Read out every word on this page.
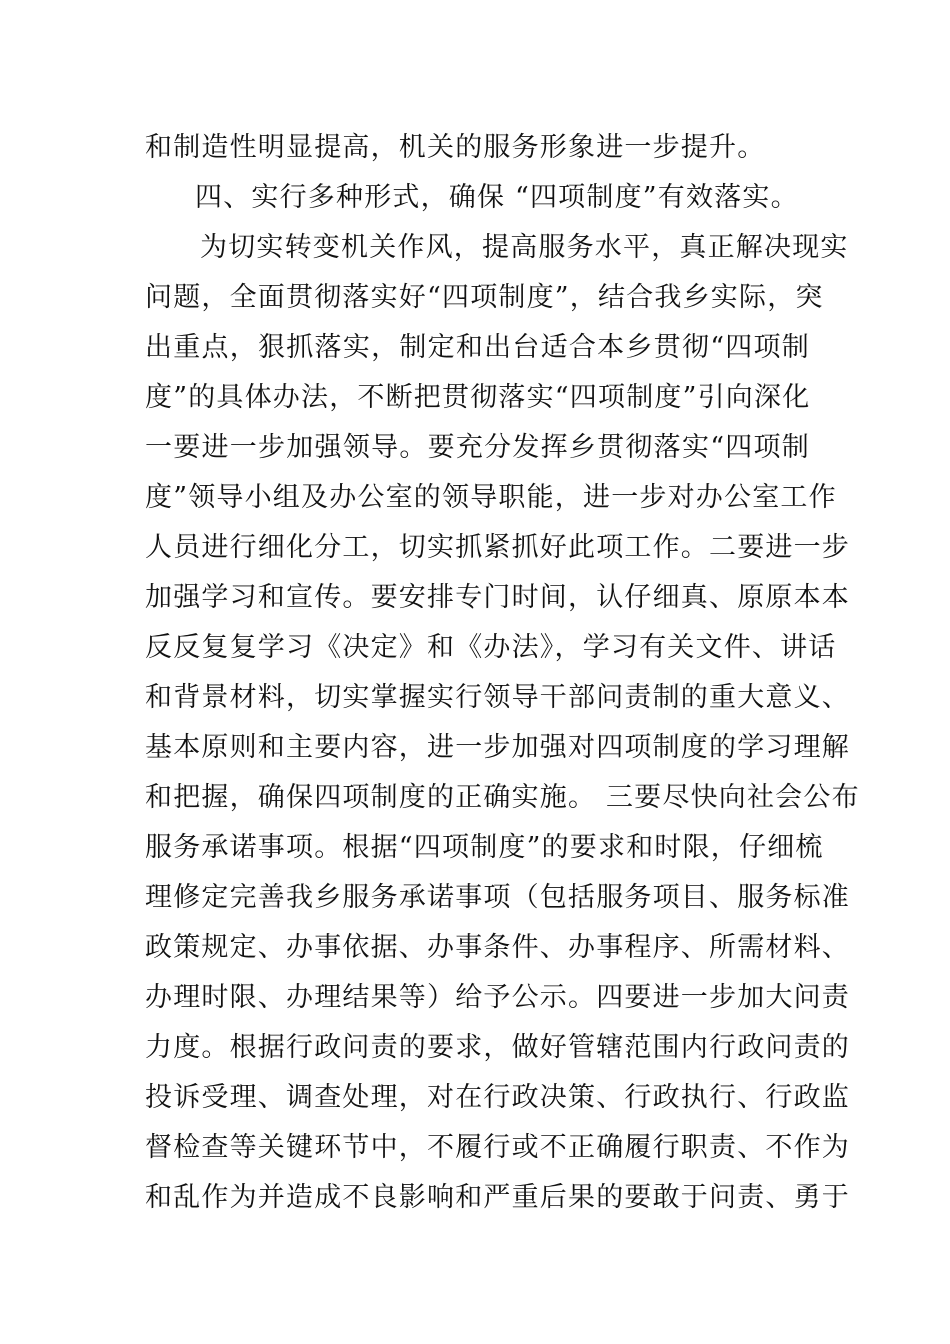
和制造性明显提高，机关的服务形象进一步提升。
四、实行多种形式，确保 “四项制度”有效落实。
为切实转变机关作风，提高服务水平，真正解决现实
问题，全面贯彻落实好“四项制度”，结合我乡实际，突
出重点，狠抓落实，制定和出台适合本乡贯彻“四项制
度”的具体办法，不断把贯彻落实“四项制度”引向深化
一要进一步加强领导。要充分发挥乡贯彻落实“四项制
度”领导小组及办公室的领导职能，进一步对办公室工作
人员进行细化分工，切实抓紧抓好此项工作。二要进一步
加强学习和宣传。要安排专门时间，认仔细真、原原本本
反反复复学习《决定》和《办法》，学习有关文件、讲话
和背景材料，切实掌握实行领导干部问责制的重大意义、
基本原则和主要内容，进一步加强对四项制度的学习理解
和把握，确保四项制度的正确实施。 三要尽快向社会公布
服务承诺事项。根据“四项制度”的要求和时限，仔细梳
理修定完善我乡服务承诺事项（包括服务项目、服务标准
政策规定、办事依据、办事条件、办事程序、所需材料、
办理时限、办理结果等）给予公示。四要进一步加大问责
力度。根据行政问责的要求，做好管辖范围内行政问责的
投诉受理、调查处理，对在行政决策、行政执行、行政监
督检查等关键环节中，不履行或不正确履行职责、不作为
和乱作为并造成不良影响和严重后果的要敢于问责、勇于
